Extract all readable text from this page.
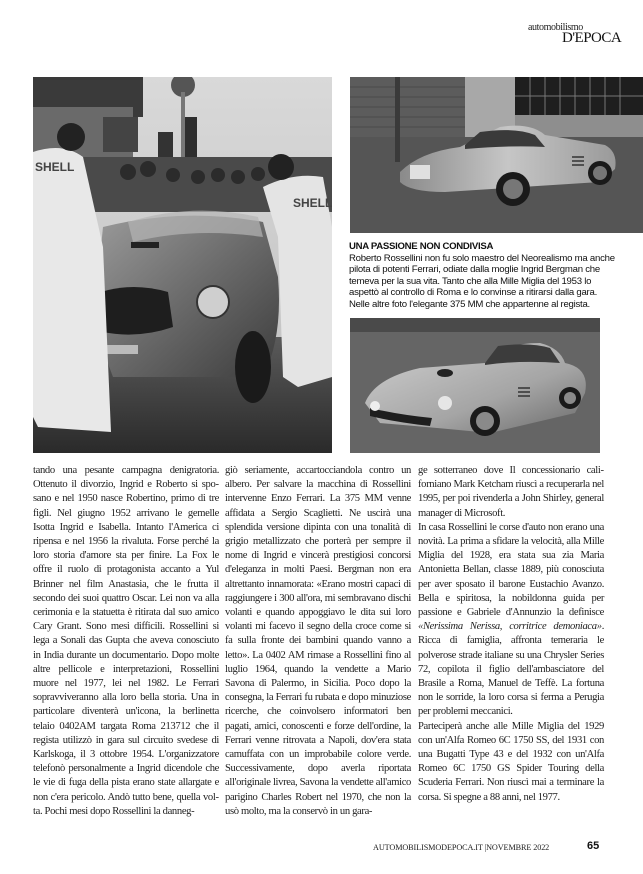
automobilismo
D'EPOCA
SHELL
SHELL
UNA PASSIONE NON CONDIVISA
Roberto Rossellini non fu solo maestro del Neorealismo ma anche pilota di potenti Ferrari, odiate dalla moglie Ingrid Bergman che temeva per la sua vita. Tanto che alla Mille Miglia del 1953 lo aspettò al controllo di Roma e lo convinse a ritirarsi dalla gara. Nelle altre foto l'elegante 375 MM che appartenne al regista.

tando una pesante campagna denigratoria. Ottenuto il divorzio, Ingrid e Roberto si sposano e nel 1950 nasce Robertino, primo di tre figli. Nel giugno 1952 arrivano le gemelle Isotta Ingrid e Isabella. Intanto l'America ci ripensa e nel 1956 la rivaluta. Forse perché la loro storia d'amore sta per finire. La Fox le offre il ruolo di protagonista accanto a Yul Brinner nel film Anastasia, che le frutta il secondo dei suoi quattro Oscar. Lei non va alla cerimonia e la statuetta è ritirata dal suo amico Cary Grant. Sono mesi difficili. Rossellini si lega a Sonali das Gupta che aveva conosciuto in India durante un documentario. Dopo molte altre pellicole e interpretazioni, Rossellini muore nel 1977, lei nel 1982. Le Ferrari sopravviveranno alla loro bella storia. Una in particolare diventerà un'icona, la berlinetta telaio 0402AM targata Roma 213712 che il regista utilizzò in gara sul circuito svedese di Karlskoga, il 3 ottobre 1954. L'organizzatore telefonò personalmente a Ingrid dicendole che le vie di fuga della pista erano state allargate e non c'era pericolo. Andò tutto bene, quella volta. Pochi mesi dopo Rossellini la danneg-

giò seriamente, accartocciandola contro un albero. Per salvare la macchina di Rossellini intervenne Enzo Ferrari. La 375 MM venne affidata a Sergio Scaglietti. Ne uscirà una splendida versione dipinta con una tonalità di grigio metallizzato che porterà per sempre il nome di Ingrid e vincerà prestigiosi concorsi d'eleganza in molti Paesi. Bergman non era altrettanto innamorata: «Erano mostri capaci di raggiungere i 300 all'ora, mi sembravano dischi volanti e quando appoggiavo le dita sui loro volanti mi facevo il segno della croce come si fa sulla fronte dei bambini quando vanno a letto». La 0402 AM rimase a Rossellini fino al luglio 1964, quando la vendette a Mario Savona di Palermo, in Sicilia. Poco dopo la consegna, la Ferrari fu rubata e dopo minuziose ricerche, che coinvolsero informatori ben pagati, amici, conoscenti e forze dell'ordine, la Ferrari venne ritrovata a Napoli, dov'era stata camuffata con un improbabile colore verde. Successivamente, dopo averla riportata all'originale livrea, Savona la vendette all'amico parigino Charles Robert nel 1970, che non la usò molto, ma la conservò in un gara-

ge sotterraneo dove Il concessionario californiano Mark Ketcham riuscì a recuperarla nel 1995, per poi rivenderla a John Shirley, general manager di Microsoft.

In casa Rossellini le corse d'auto non erano una novità. La prima a sfidare la velocità, alla Mille Miglia del 1928, era stata sua zia Maria Antonietta Bellan, classe 1889, più conosciuta per aver sposato il barone Eustachio Avanzo. Bella e spiritosa, la nobildonna guida per passione e Gabriele d'Annunzio la definisce «Nerissima Nerissa, corritrice demoniaca». Ricca di famiglia, affronta temeraria le polverose strade italiane su una Chrysler Series 72, copilota il figlio dell'ambasciatore del Brasile a Roma, Manuel de Teffè. La fortuna non le sorride, la loro corsa si ferma a Perugia per problemi meccanici.

Parteciperà anche alle Mille Miglia del 1929 con un'Alfa Romeo 6C 1750 SS, del 1931 con una Bugatti Type 43 e del 1932 con un'Alfa Romeo 6C 1750 GS Spider Touring della Scuderia Ferrari. Non riuscì mai a terminare la corsa. Si spegne a 88 anni, nel 1977.

AUTOMOBILISMODEPOCA.IT |NOVEMBRE 2022	65
